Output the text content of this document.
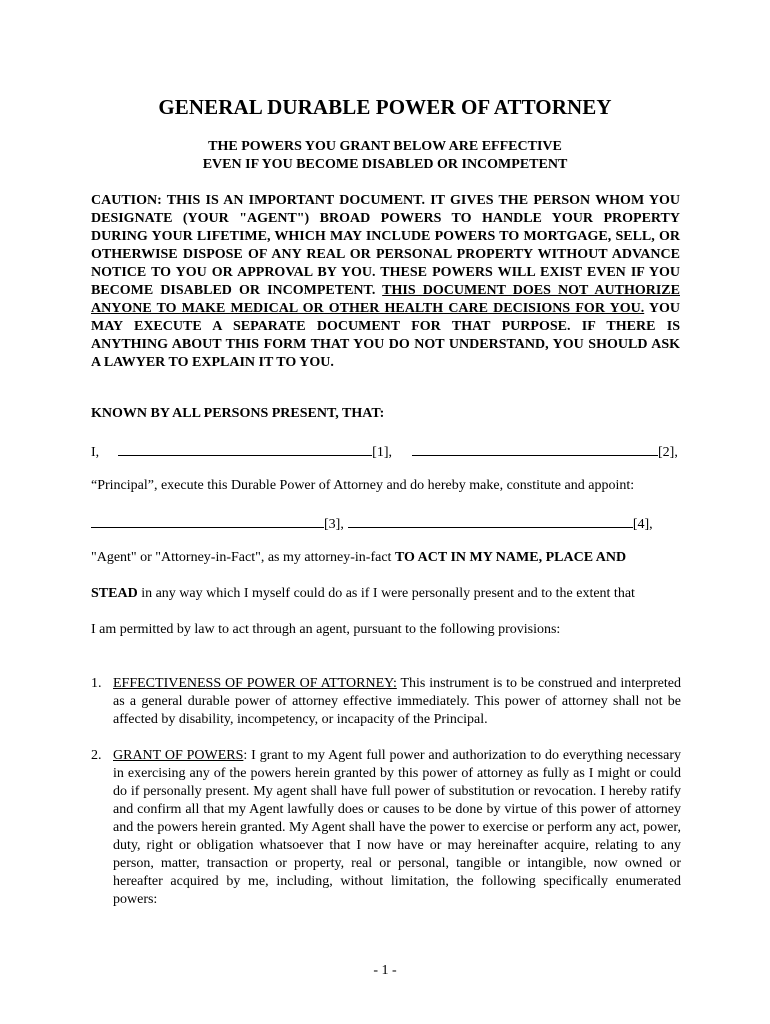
GENERAL DURABLE POWER OF ATTORNEY
THE POWERS YOU GRANT BELOW ARE EFFECTIVE
EVEN IF YOU BECOME DISABLED OR INCOMPETENT
CAUTION: THIS IS AN IMPORTANT DOCUMENT. IT GIVES THE PERSON WHOM YOU DESIGNATE (YOUR "AGENT") BROAD POWERS TO HANDLE YOUR PROPERTY DURING YOUR LIFETIME, WHICH MAY INCLUDE POWERS TO MORTGAGE, SELL, OR OTHERWISE DISPOSE OF ANY REAL OR PERSONAL PROPERTY WITHOUT ADVANCE NOTICE TO YOU OR APPROVAL BY YOU. THESE POWERS WILL EXIST EVEN IF YOU BECOME DISABLED OR INCOMPETENT. THIS DOCUMENT DOES NOT AUTHORIZE ANYONE TO MAKE MEDICAL OR OTHER HEALTH CARE DECISIONS FOR YOU. YOU MAY EXECUTE A SEPARATE DOCUMENT FOR THAT PURPOSE. IF THERE IS ANYTHING ABOUT THIS FORM THAT YOU DO NOT UNDERSTAND, YOU SHOULD ASK A LAWYER TO EXPLAIN IT TO YOU.
KNOWN BY ALL PERSONS PRESENT, THAT:
I,	[1],	[2],
“Principal”, execute this Durable Power of Attorney and do hereby make, constitute and appoint:
[3],	[4],
"Agent" or "Attorney-in-Fact", as my attorney-in-fact TO ACT IN MY NAME, PLACE AND
STEAD in any way which I myself could do as if I were personally present and to the extent that
I am permitted by law to act through an agent, pursuant to the following provisions:
1. EFFECTIVENESS OF POWER OF ATTORNEY: This instrument is to be construed and interpreted as a general durable power of attorney effective immediately. This power of attorney shall not be affected by disability, incompetency, or incapacity of the Principal.
2. GRANT OF POWERS: I grant to my Agent full power and authorization to do everything necessary in exercising any of the powers herein granted by this power of attorney as fully as I might or could do if personally present. My agent shall have full power of substitution or revocation. I hereby ratify and confirm all that my Agent lawfully does or causes to be done by virtue of this power of attorney and the powers herein granted. My Agent shall have the power to exercise or perform any act, power, duty, right or obligation whatsoever that I now have or may hereinafter acquire, relating to any person, matter, transaction or property, real or personal, tangible or intangible, now owned or hereafter acquired by me, including, without limitation, the following specifically enumerated powers:
- 1 -
